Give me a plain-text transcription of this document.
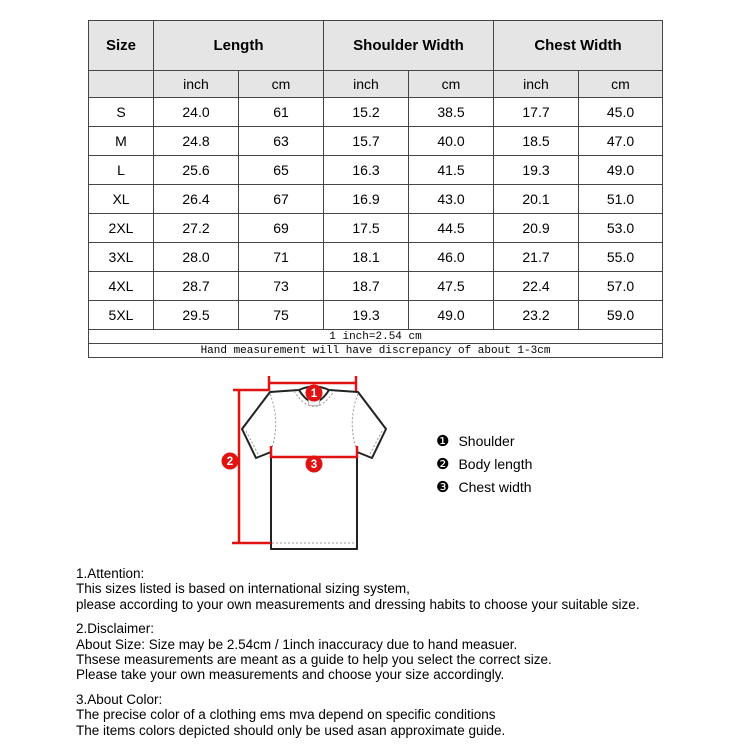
Size	Length		Shoulder Width		Chest Width	
	inch	cm	inch	cm	inch	cm
S	24.0	61	15.2	38.5	17.7	45.0
M	24.8	63	15.7	40.0	18.5	47.0
L	25.6	65	16.3	41.5	19.3	49.0
XL	26.4	67	16.9	43.0	20.1	51.0
2XL	27.2	69	17.5	44.5	20.9	53.0
3XL	28.0	71	18.1	46.0	21.7	55.0
4XL	28.7	73	18.7	47.5	22.4	57.0
5XL	29.5	75	19.3	49.0	23.2	59.0
1 inch=2.54 cm						
Hand measurement will have discrepancy of about 1-3cm						
1
2	3
❶ Shoulder
❷ Body length
❸ Chest width
1.Attention:
This sizes listed is based on international sizing system,
please according to your own measurements and dressing habits to choose your suitable size.
2.Disclaimer:
About Size: Size may be 2.54cm / 1inch inaccuracy due to hand measuer.
Thsese measurements are meant as a guide to help you select the correct size.
Please take your own measurements and choose your size accordingly.
3.About Color:
The precise color of a clothing ems mva depend on specific conditions
The items colors depicted should only be used asan approximate guide.
